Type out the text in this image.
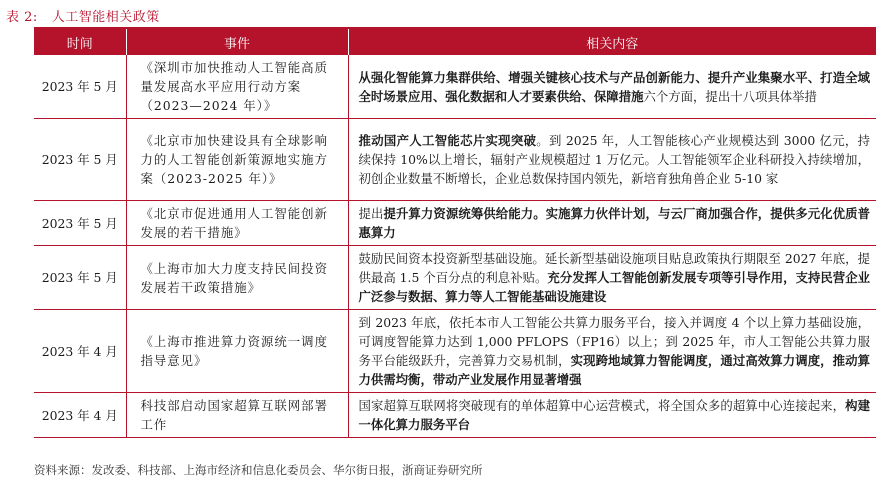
表 2: 人工智能相关政策
时间	事件	相关内容
2023 年 5 月	《深圳市加快推动人工智能高质量发展高水平应用行动方案（2023—2024 年）》	从强化智能算力集群供给、增强关键核心技术与产品创新能力、提升产业集聚水平、打造全域全时场景应用、强化数据和人才要素供给、保障措施六个方面，提出十八项具体举措
2023 年 5 月	《北京市加快建设具有全球影响力的人工智能创新策源地实施方案（2023-2025 年）》	推动国产人工智能芯片实现突破。到 2025 年，人工智能核心产业规模达到 3000 亿元，持续保持 10%以上增长，辐射产业规模超过 1 万亿元。人工智能领军企业科研投入持续增加，初创企业数量不断增长，企业总数保持国内领先，新培育独角兽企业 5-10 家
2023 年 5 月	《北京市促进通用人工智能创新发展的若干措施》	提出提升算力资源统筹供给能力。实施算力伙伴计划，与云厂商加强合作，提供多元化优质普惠算力
2023 年 5 月	《上海市加大力度支持民间投资发展若干政策措施》	鼓励民间资本投资新型基础设施。延长新型基础设施项目贴息政策执行期限至 2027 年底，提供最高 1.5 个百分点的利息补贴。充分发挥人工智能创新发展专项等引导作用，支持民营企业广泛参与数据、算力等人工智能基础设施建设
2023 年 4 月	《上海市推进算力资源统一调度指导意见》	到 2023 年底，依托本市人工智能公共算力服务平台，接入并调度 4 个以上算力基础设施，可调度智能算力达到 1,000 PFLOPS（FP16）以上；到 2025 年，市人工智能公共算力服务平台能级跃升，完善算力交易机制，实现跨地域算力智能调度，通过高效算力调度，推动算力供需均衡，带动产业发展作用显著增强
2023 年 4 月	科技部启动国家超算互联网部署工作	国家超算互联网将突破现有的单体超算中心运营模式，将全国众多的超算中心连接起来，构建一体化算力服务平台
资料来源：发改委、科技部、上海市经济和信息化委员会、华尔街日报，浙商证券研究所
